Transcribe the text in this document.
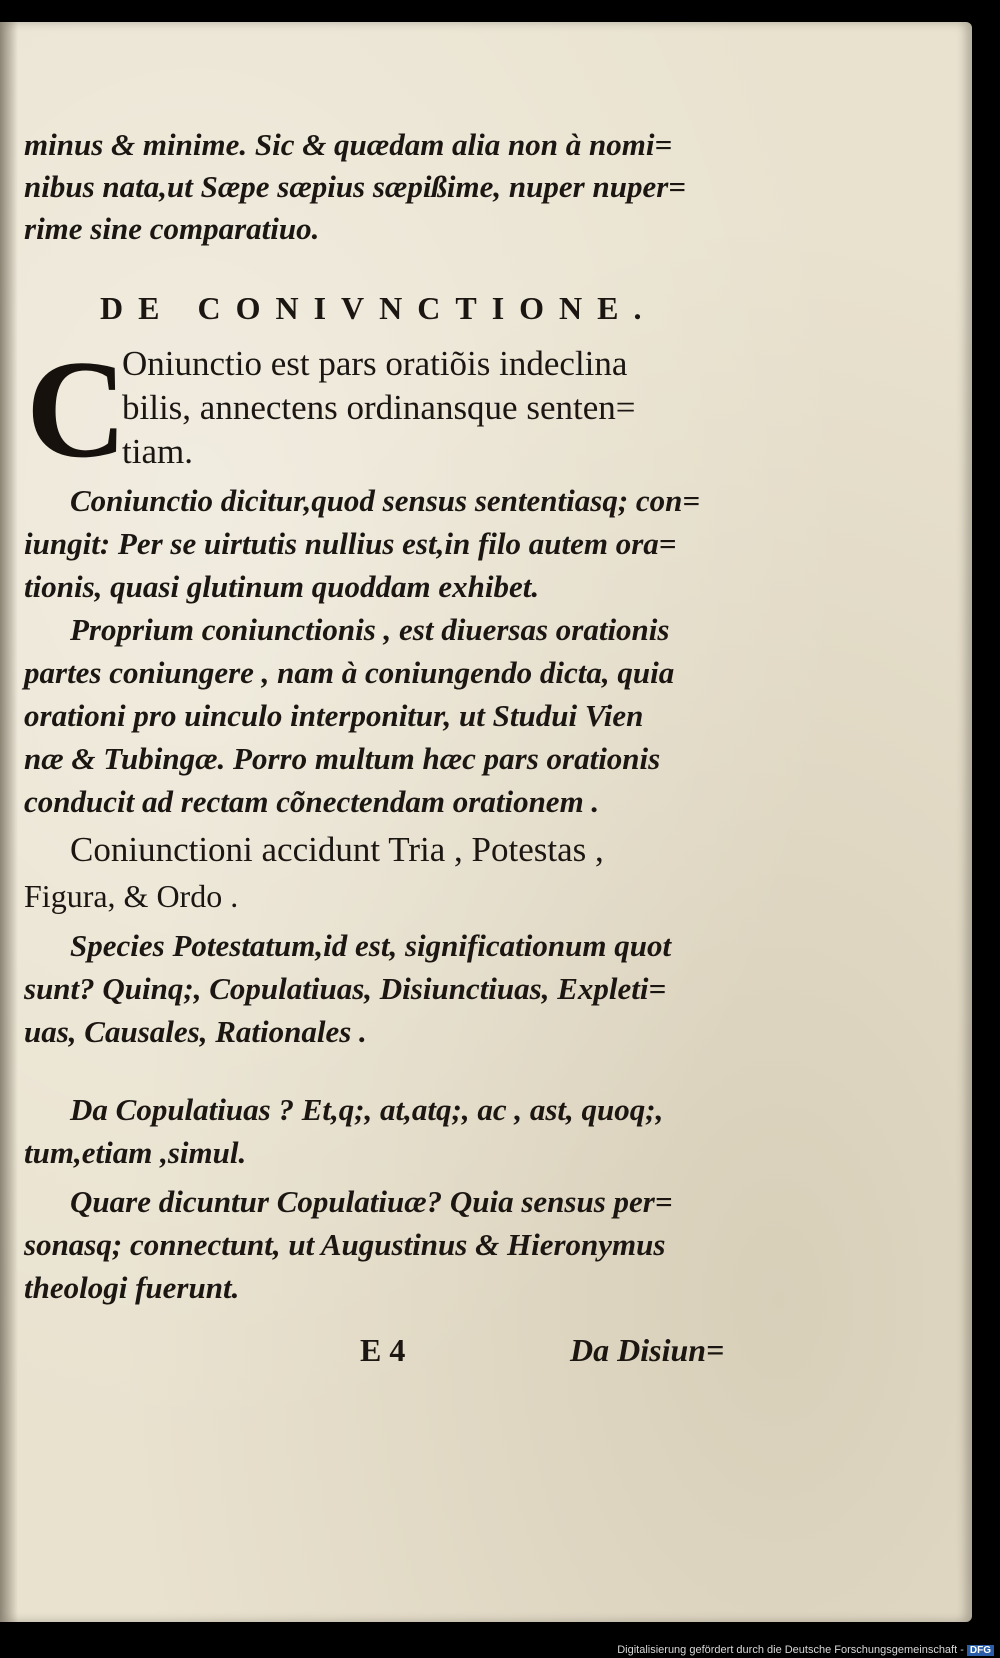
minus & minime. Sic & quædam alia non à nomi=
nibus nata,ut Sæpe sæpius sæpißime, nuper nuper=
rime sine comparatiuo.
DE CONIVNCTIONE.
C
Oniunctio est pars oratiõis indeclina
bilis, annectens ordinansque senten=
tiam.
Coniunctio dicitur,quod sensus sententiasq; con=
iungit: Per se uirtutis nullius est,in filo autem ora=
tionis, quasi glutinum quoddam exhibet.
Proprium coniunctionis , est diuersas orationis
partes coniungere , nam à coniungendo dicta, quia
orationi pro uinculo interponitur, ut Studui Vien
næ & Tubingæ. Porro multum hæc pars orationis
conducit ad rectam cõnectendam orationem .
Coniunctioni accidunt Tria , Potestas ,
Figura, & Ordo .
Species Potestatum,id est, significationum quot
sunt? Quinq;, Copulatiuas, Disiunctiuas, Expleti=
uas, Causales, Rationales .
Da Copulatiuas ? Et,q;, at,atq;, ac , ast, quoq;,
tum,etiam ,simul.
Quare dicuntur Copulatiuæ? Quia sensus per=
sonasq; connectunt, ut Augustinus & Hieronymus
theologi fuerunt.
E 4	Da Disiun=
Digitalisierung gefördert durch die Deutsche Forschungsgemeinschaft - DFG
